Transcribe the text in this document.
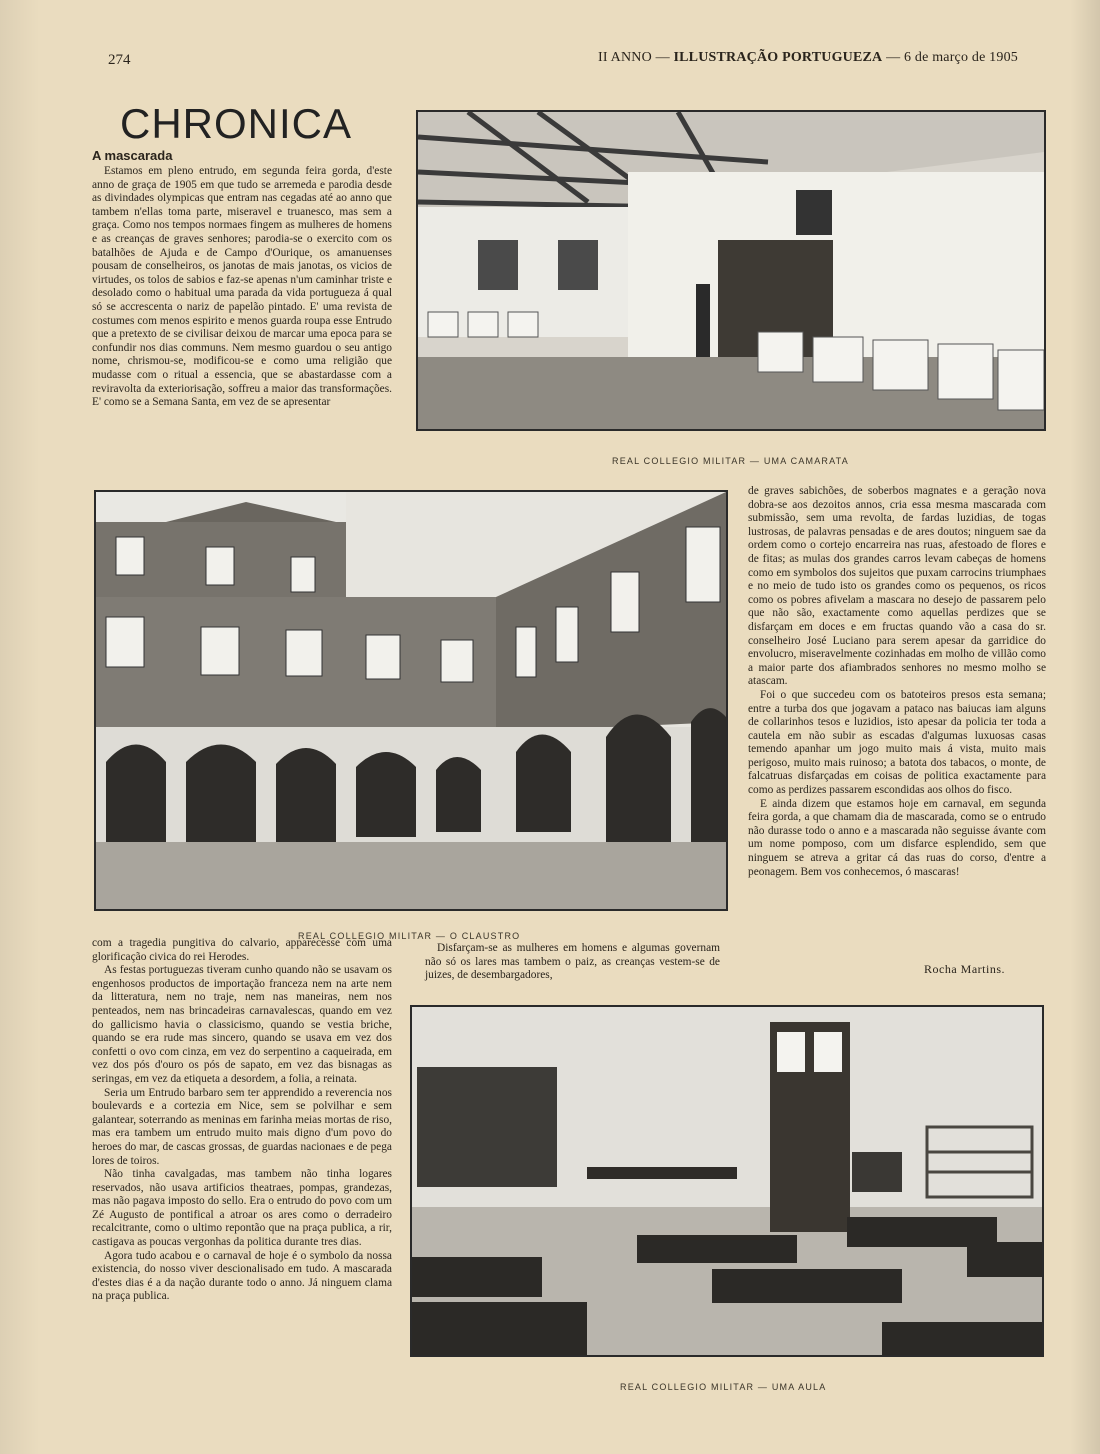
274	II ANNO — ILLUSTRAÇÃO PORTUGUEZA — 6 de março de 1905
CHRONICA
A mascarada

Estamos em pleno entrudo, em segunda feira gorda, d'este anno de graça de 1905 em que tudo se arremeda e parodia desde as divindades olympicas que entram nas cegadas até ao anno que tambem n'ellas toma parte, miseravel e truanesco, mas sem a graça. Como nos tempos normaes fingem as mulheres de homens e as creanças de graves senhores; parodia-se o exercito com os batalhões de Ajuda e de Campo d'Ourique, os amanuenses pousam de conselheiros, os janotas de mais janotas, os vicios de virtudes, os tolos de sabios e faz-se apenas n'um caminhar triste e desolado como o habitual uma parada da vida portugueza á qual só se accrescenta o nariz de papelão pintado. E' uma revista de costumes com menos espirito e menos guarda roupa esse Entrudo que a pretexto de se civilisar deixou de marcar uma epoca para se confundir nos dias communs. Nem mesmo guardou o seu antigo nome, chrismou-se, modificou-se e como uma religião que mudasse com o ritual a essencia, que se abastardasse com a reviravolta da exteriorisação, soffreu a maior das transformações. E' como se a Semana Santa, em vez de se apresentar

REAL COLLEGIO MILITAR — UMA CAMARATA
REAL COLLEGIO MILITAR — O CLAUSTRO

de graves sabichões, de soberbos magnates e a geração nova dobra-se aos dezoitos annos, cria essa mesma mascarada com submissão, sem uma revolta, de fardas luzidias, de togas lustrosas, de palavras pensadas e de ares doutos; ninguem sae da ordem como o cortejo encarreira nas ruas, afestoado de flores e de fitas; as mulas dos grandes carros levam cabeças de homens como em symbolos dos sujeitos que puxam carrocins triumphaes e no meio de tudo isto os grandes como os pequenos, os ricos como os pobres afivelam a mascara no desejo de passarem pelo que não são, exactamente como aquellas perdizes que se disfarçam em doces e em fructas quando vão a casa do sr. conselheiro José Luciano para serem apesar da garridice do envolucro, miseravelmente cozinhadas em molho de villão como a maior parte dos afiambrados senhores no mesmo molho se atascam.

Foi o que succedeu com os batoteiros presos esta semana; entre a turba dos que jogavam a pataco nas baiucas iam alguns de collarinhos tesos e luzidios, isto apesar da policia ter toda a cautela em não subir as escadas d'algumas luxuosas casas temendo apanhar um jogo muito mais á vista, muito mais perigoso, muito mais ruinoso; a batota dos tabacos, o monte, de falcatruas disfarçadas em coisas de politica exactamente para como as perdizes passarem escondidas aos olhos do fisco.

E ainda dizem que estamos hoje em carnaval, em segunda feira gorda, a que chamam dia de mascarada, como se o entrudo não durasse todo o anno e a mascarada não seguisse ávante com um nome pomposo, com um disfarce esplendido, sem que ninguem se atreva a gritar cá das ruas do corso, d'entre a peonagem. Bem vos conhecemos, ó mascaras!

Rocha Martins.

com a tragedia pungitiva do calvario, apparecesse com uma glorificação civica do rei Herodes.

As festas portuguezas tiveram cunho quando não se usavam os engenhosos productos de importação franceza nem na arte nem da litteratura, nem no traje, nem nas maneiras, nem nos penteados, nem nas brincadeiras carnavalescas, quando em vez do gallicismo havia o classicismo, quando se vestia briche, quando se era rude mas sincero, quando se usava em vez dos confetti o ovo com cinza, em vez do serpentino a caqueirada, em vez dos pós d'ouro os pós de sapato, em vez das bisnagas as seringas, em vez da etiqueta a desordem, a folia, a reinata.

Seria um Entrudo barbaro sem ter apprendido a reverencia nos boulevards e a cortezia em Nice, sem se polvilhar e sem galantear, soterrando as meninas em farinha meias mortas de riso, mas era tambem um entrudo muito mais digno d'um povo do heroes do mar, de cascas grossas, de guardas nacionaes e de pega lores de toiros.

Não tinha cavalgadas, mas tambem não tinha logares reservados, não usava artificios theatraes, pompas, grandezas, mas não pagava imposto do sello. Era o entrudo do povo com um Zé Augusto de pontifical a atroar os ares como o derradeiro recalcitrante, como o ultimo repontão que na praça publica, a rir, castigava as poucas vergonhas da politica durante tres dias.

Agora tudo acabou e o carnaval de hoje é o symbolo da nossa existencia, do nosso viver descionalisado em tudo. A mascarada d'estes dias é a da nação durante todo o anno. Já ninguem clama na praça publica.

Disfarçam-se as mulheres em homens e algumas governam não só os lares mas tambem o paiz, as creanças vestem-se de juizes, de desembargadores,

REAL COLLEGIO MILITAR — UMA AULA
